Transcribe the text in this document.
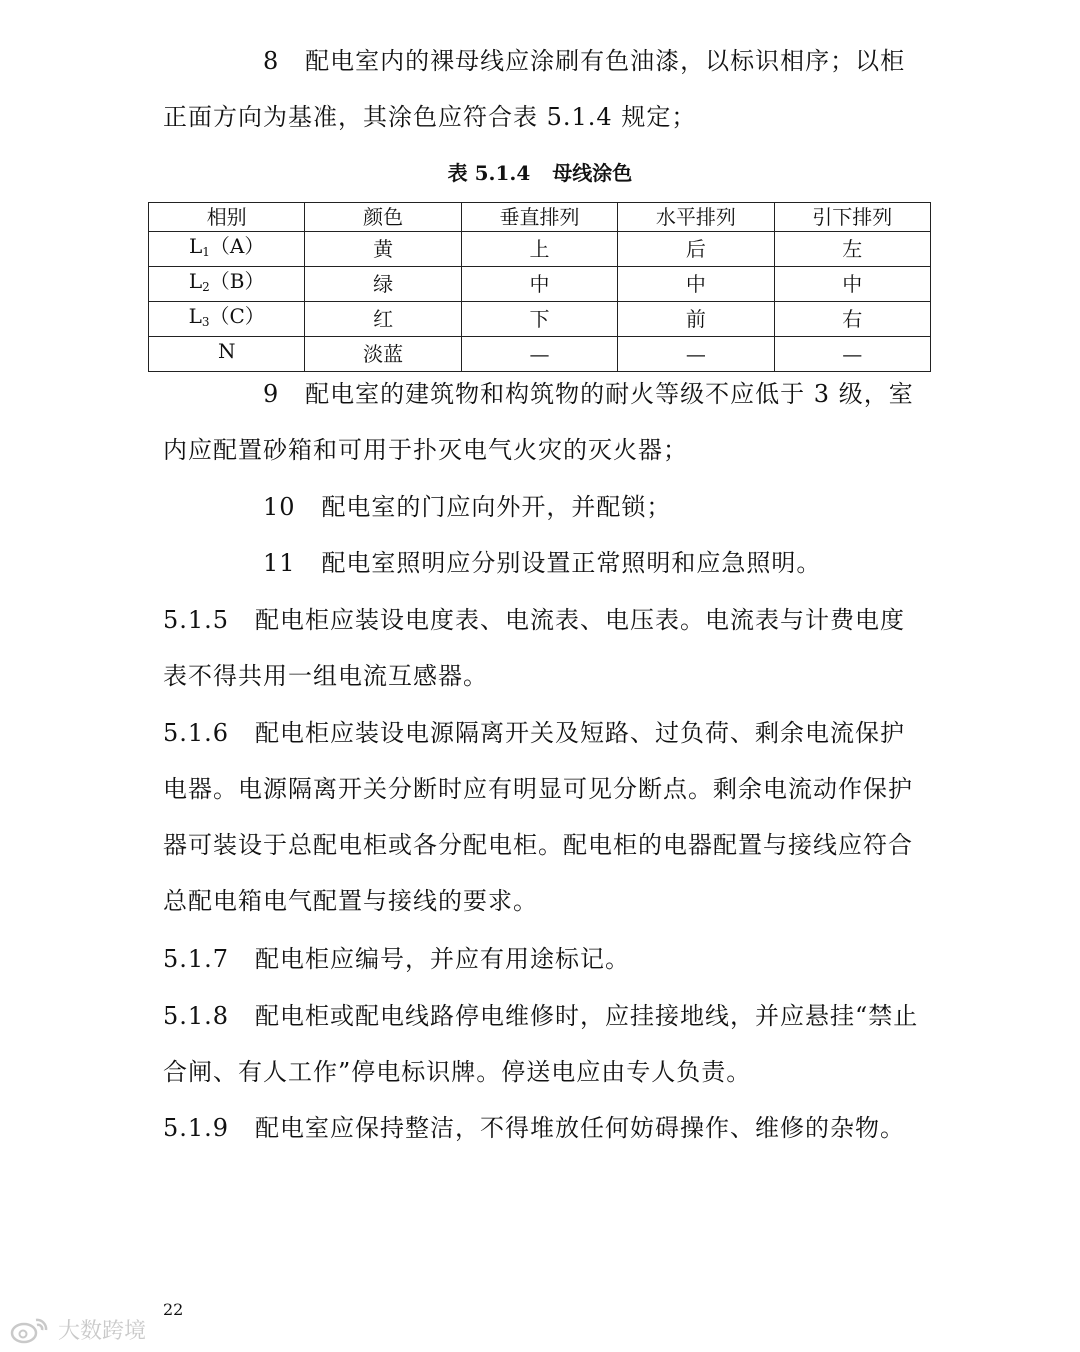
8 配电室内的裸母线应涂刷有色油漆，以标识相序；以柜正面方向为基准，其涂色应符合表 5.1.4 规定；

表 5.1.4 母线涂色
相别	颜色	垂直排列	水平排列	引下排列
$L_1(A)$	黄	上	后	左
$L_2(B)$	绿	中	中	中
$L_3(C)$	红	下	前	右
N	淡蓝	—	—	—

9 配电室的建筑物和构筑物的耐火等级不应低于 3 级，室内应配置砂箱和可用于扑灭电气火灾的灭火器；

10 配电室的门应向外开，并配锁；

11 配电室照明应分别设置正常照明和应急照明。

5.1.5 配电柜应装设电度表、电流表、电压表。电流表与计费电度表不得共用一组电流互感器。

5.1.6 配电柜应装设电源隔离开关及短路、过负荷、剩余电流保护电器。电源隔离开关分断时应有明显可见分断点。剩余电流动作保护器可装设于总配电柜或各分配电柜。配电柜的电器配置与接线应符合总配电箱电气配置与接线的要求。

5.1.7 配电柜应编号，并应有用途标记。

5.1.8 配电柜或配电线路停电维修时，应挂接地线，并应悬挂“禁止合闸、有人工作”停电标识牌。停送电应由专人负责。

5.1.9 配电室应保持整洁，不得堆放任何妨碍操作、维修的杂物。

22
大数跨境
